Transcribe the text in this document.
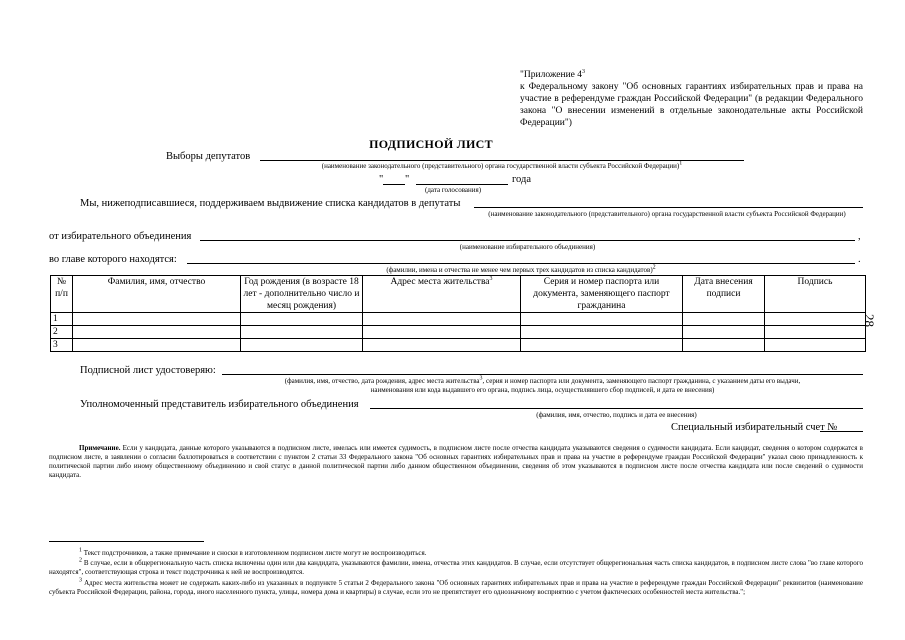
"Приложение $4^3$
к Федеральному закону "Об основных гарантиях избирательных прав и права на участие в референдуме граждан Российской Федерации" (в редакции Федерального закона "О внесении изменений в отдельные законодательные акты Российской Федерации")
ПОДПИСНОЙ ЛИСТ
Выборы депутатов
(наименование законодательного (представительного) органа государственной власти субъекта Российской Федерации)$^1$
" "	года
(дата голосования)
Мы, нижеподписавшиеся, поддерживаем выдвижение списка кандидатов в депутаты
(наименование законодательного (представительного) органа государственной власти субъекта Российской Федерации)
от избирательного объединения	,
(наименование избирательного объединения)
во главе которого находятся:	.
(фамилии, имена и отчества не менее чем первых трех кандидатов из списка кандидатов)$^2$
№ п/п	Фамилия, имя, отчество	Год рождения (в возрасте 18 лет - дополнительно число и месяц рождения)	Адрес места жительства$^3$	Серия и номер паспорта или документа, заменяющего паспорт гражданина	Дата внесения подписи	Подпись
1						
2						
3						
28
Подписной лист удостоверяю:
(фамилия, имя, отчество, дата рождения, адрес места жительства$^3$, серия и номер паспорта или документа, заменяющего паспорт гражданина, с указанием даты его выдачи,
наименования или кода выдавшего его органа, подпись лица, осуществлявшего сбор подписей, и дата ее внесения)
Уполномоченный представитель избирательного объединения
(фамилия, имя, отчество, подпись и дата ее внесения)
Специальный избирательный счет №
Примечание. Если у кандидата, данные которого указываются в подписном листе, имелась или имеется судимость, в подписном листе после отчества кандидата указываются сведения о судимости кандидата. Если кандидат, сведения о котором содержатся в подписном листе, в заявлении о согласии баллотироваться в соответствии с пунктом 2 статьи 33 Федерального закона "Об основных гарантиях избирательных прав и права на участие в референдуме граждан Российской Федерации" указал свою принадлежность к политической партии либо иному общественному объединению и свой статус в данной политической партии либо данном общественном объединении, сведения об этом указываются в подписном листе после отчества кандидата или после сведений о судимости кандидата.
$^1$ Текст подстрочников, а также примечание и сноски в изготовленном подписном листе могут не воспроизводиться.
$^2$ В случае, если в общерегиональную часть списка включены один или два кандидата, указываются фамилии, имена, отчества этих кандидатов. В случае, если отсутствует общерегиональная часть списка кандидатов, в подписном листе слова "во главе которого находятся", соответствующая строка и текст подстрочника к ней не воспроизводятся.
$^3$ Адрес места жительства может не содержать каких-либо из указанных в подпункте 5 статьи 2 Федерального закона "Об основных гарантиях избирательных прав и права на участие в референдуме граждан Российской Федерации" реквизитов (наименование субъекта Российской Федерации, района, города, иного населенного пункта, улицы, номера дома и квартиры) в случае, если это не препятствует его однозначному восприятию с учетом фактических особенностей места жительства.";
